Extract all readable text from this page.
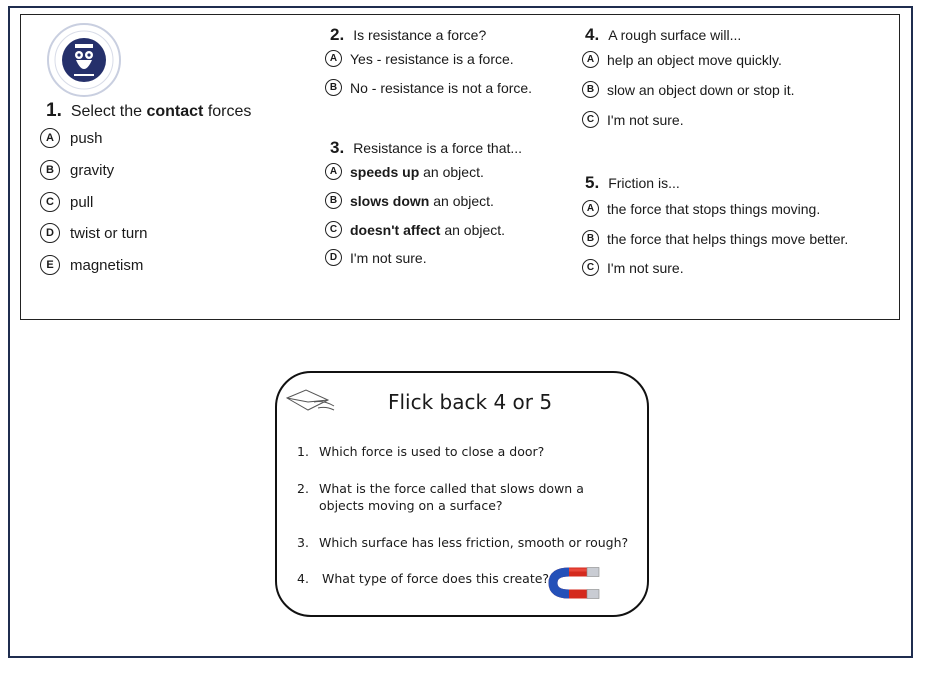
1. Select the contact forces
A	push
B	gravity
C	pull
D	twist or turn
E	magnetism
2. Is resistance a force?
A Yes - resistance is a force.
B No - resistance is not a force.
3. Resistance is a force that...
A speeds up an object.
B slows down an object.
C doesn't affect an object.
D I'm not sure.
4. A rough surface will...
A help an object move quickly.
B slow an object down or stop it.
C I'm not sure.
5. Friction is...
A the force that stops things moving.
B the force that helps things move better.
C I'm not sure.
Flick back 4 or 5
1. Which force is used to close a door?
2. What is the force called that slows down a
objects moving on a surface?
3. Which surface has less friction, smooth or rough?
4. What type of force does this create?
